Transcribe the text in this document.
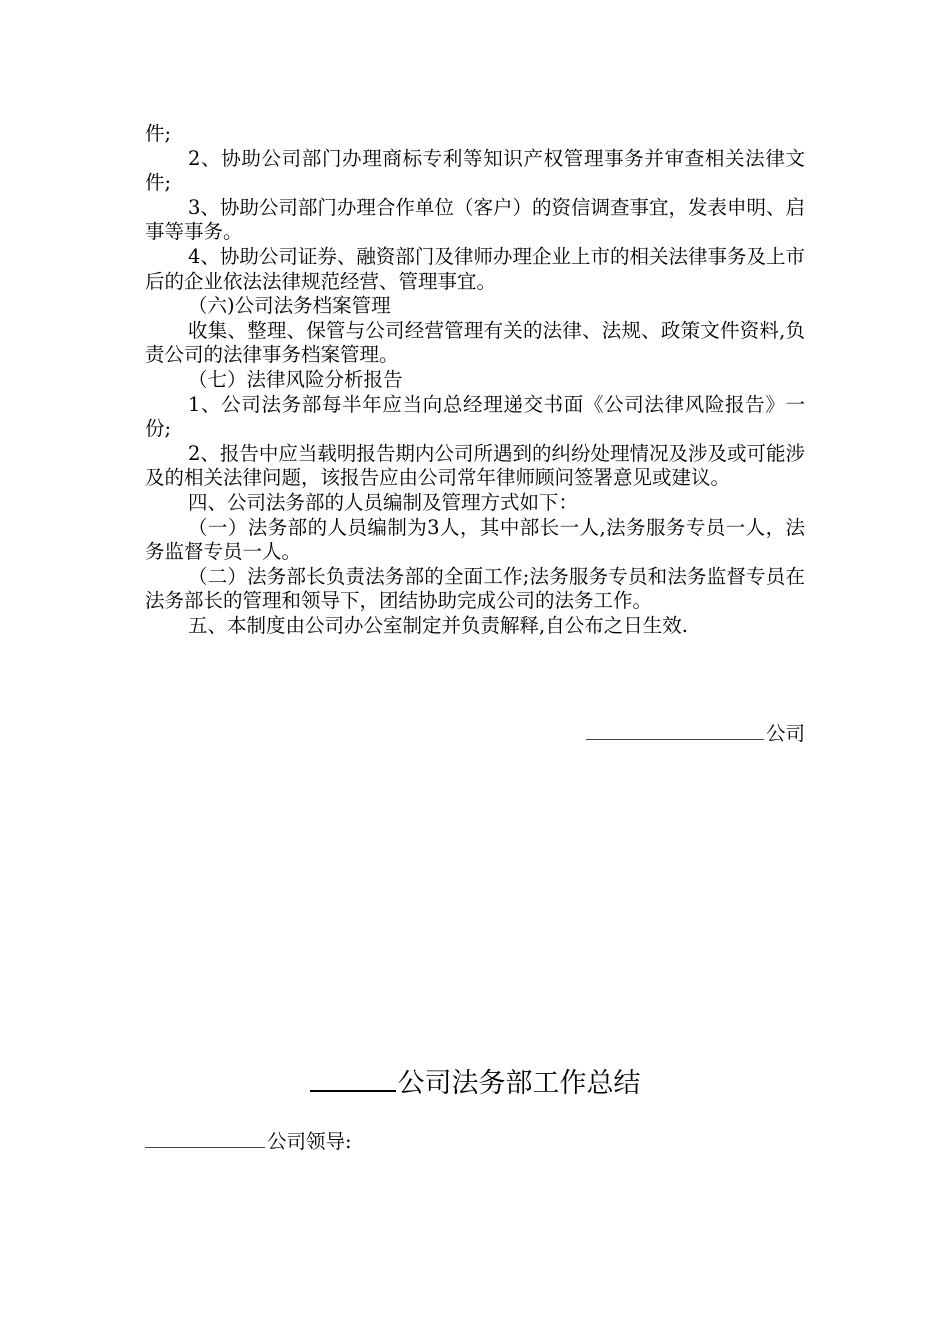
件;

2、协助公司部门办理商标专利等知识产权管理事务并审查相关法律文件;

3、协助公司部门办理合作单位（客户）的资信调查事宜，发表申明、启事等事务。

4、协助公司证券、融资部门及律师办理企业上市的相关法律事务及上市后的企业依法法律规范经营、管理事宜。

（六)公司法务档案管理

收集、整理、保管与公司经营管理有关的法律、法规、政策文件资料,负责公司的法律事务档案管理。

（七）法律风险分析报告

1、公司法务部每半年应当向总经理递交书面《公司法律风险报告》一份;

2、报告中应当载明报告期内公司所遇到的纠纷处理情况及涉及或可能涉及的相关法律问题，该报告应由公司常年律师顾问签署意见或建议。

四、公司法务部的人员编制及管理方式如下：

（一）法务部的人员编制为3人，其中部长一人,法务服务专员一人，法务监督专员一人。

（二）法务部长负责法务部的全面工作;法务服务专员和法务监督专员在法务部长的管理和领导下，团结协助完成公司的法务工作。

五、本制度由公司办公室制定并负责解释,自公布之日生效.

公司
公司法务部工作总结
公司领导:
